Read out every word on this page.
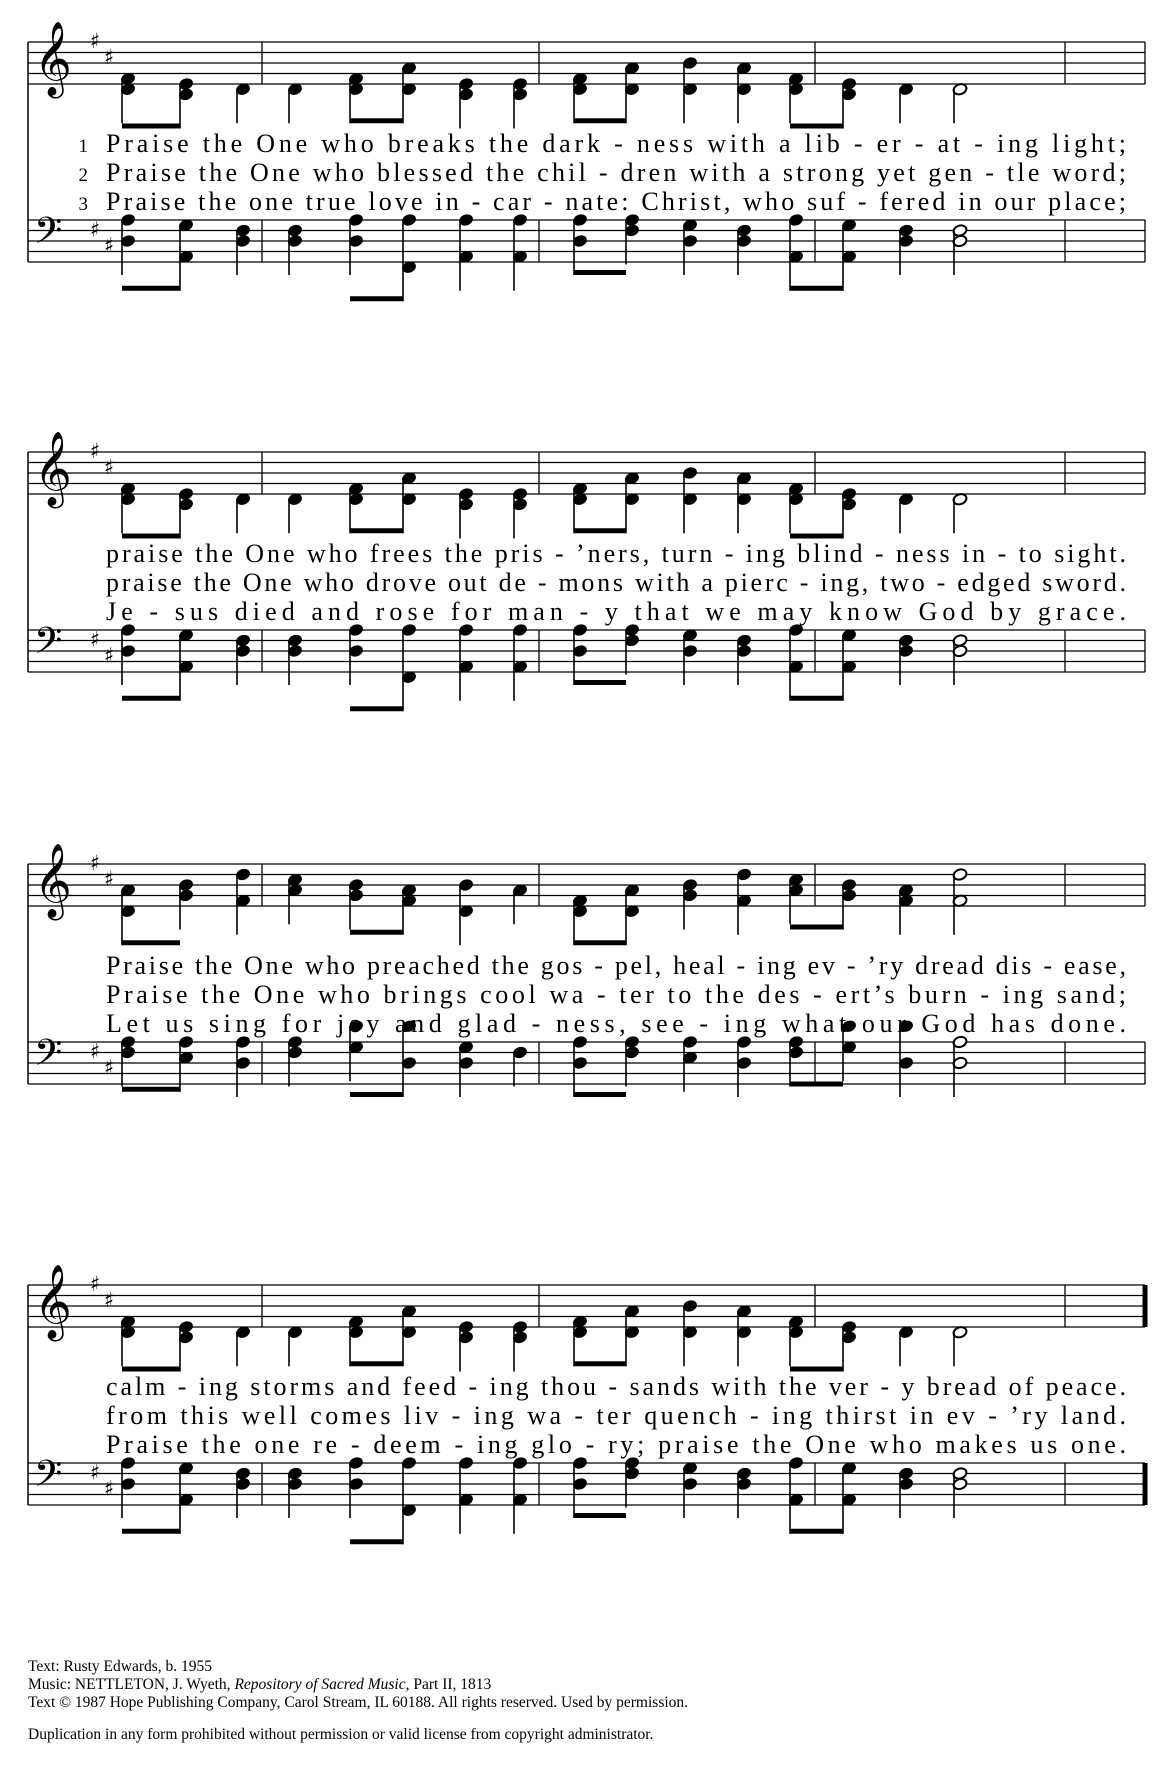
𝄞 ♯
♯
𝄢 ♯
♯
1 Praise the One who breaks the dark - ness with a lib - er - at - ing light;
2 Praise the One who blessed the chil - dren with a strong yet gen - tle word;
3 Praise the one true love in - car - nate: Christ, who suf - fered in our place;
𝄞 ♯
♯
𝄢 ♯
♯
praise the One who frees the pris - ’ners, turn - ing blind - ness in - to sight.
praise the One who drove out de - mons with a pierc - ing, two - edged sword.
Je - sus died and rose for man - y that we may know God by grace.
𝄞 ♯
♯
𝄢 ♯
♯
Praise the One who preached the gos - pel, heal - ing ev - ’ry dread dis - ease,
Praise the One who brings cool wa - ter to the des - ert’s burn - ing sand;
Let us sing for joy and glad - ness, see - ing what our God has done.
𝄞 ♯
♯
𝄢 ♯
♯
calm - ing storms and feed - ing thou - sands with the ver - y bread of peace.
from this well comes liv - ing wa - ter quench - ing thirst in ev - ’ry land.
Praise the one re - deem - ing glo - ry; praise the One who makes us one.
Text: Rusty Edwards, b. 1955
Music: NETTLETON, J. Wyeth, Repository of Sacred Music, Part II, 1813
Text © 1987 Hope Publishing Company, Carol Stream, IL 60188. All rights reserved. Used by permission.
Duplication in any form prohibited without permission or valid license from copyright administrator.
